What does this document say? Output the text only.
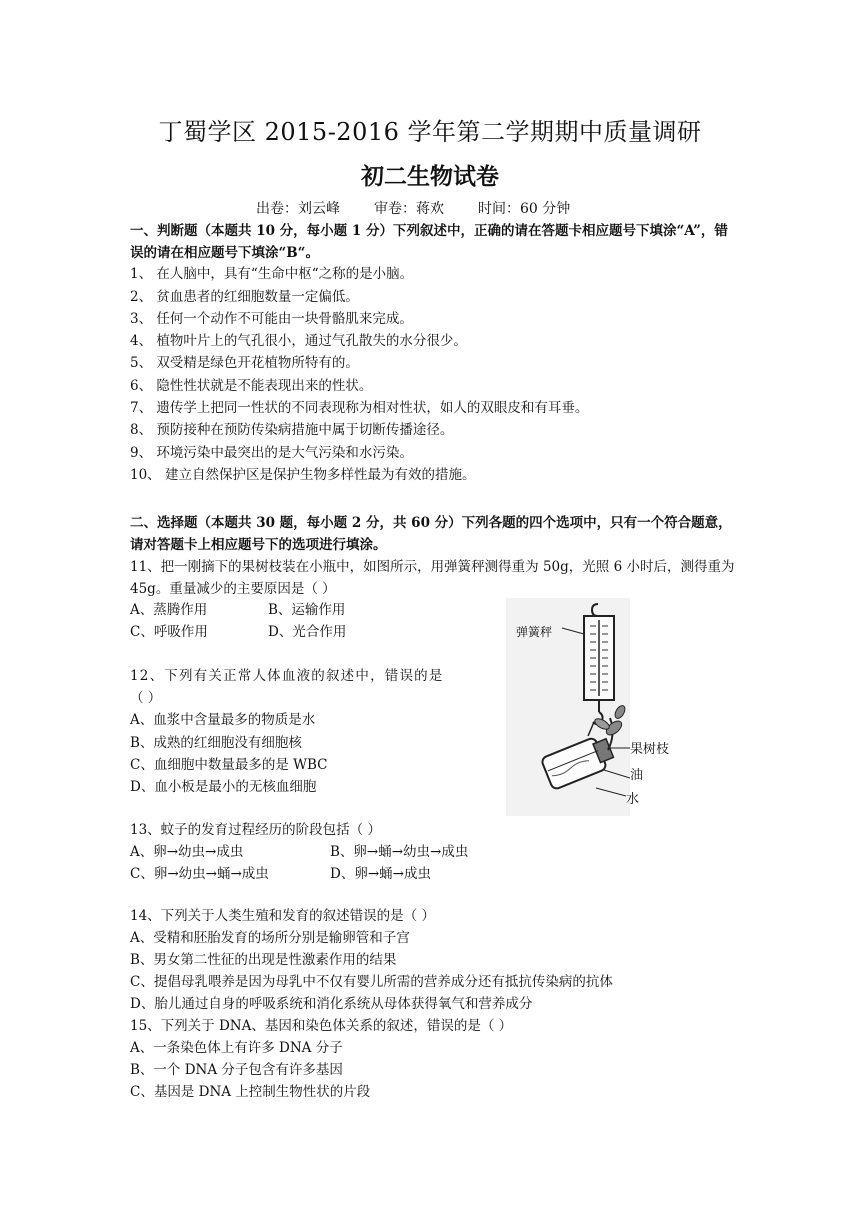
丁蜀学区 2015-2016 学年第二学期期中质量调研
初二生物试卷
出卷：刘云峰 审卷：蒋欢 时间：60 分钟
一、判断题（本题共 10 分，每小题 1 分）下列叙述中，正确的请在答题卡相应题号下填涂“A”，错误的请在相应题号下填涂“B“。
1、 在人脑中，具有“生命中枢“之称的是小脑。
2、 贫血患者的红细胞数量一定偏低。
3、 任何一个动作不可能由一块骨骼肌来完成。
4、 植物叶片上的气孔很小，通过气孔散失的水分很少。
5、 双受精是绿色开花植物所特有的。
6、 隐性性状就是不能表现出来的性状。
7、 遗传学上把同一性状的不同表现称为相对性状，如人的双眼皮和有耳垂。
8、 预防接种在预防传染病措施中属于切断传播途径。
9、 环境污染中最突出的是大气污染和水污染。
10、 建立自然保护区是保护生物多样性最为有效的措施。
二、选择题（本题共 30 题，每小题 2 分，共 60 分）下列各题的四个选项中，只有一个符合题意，请对答题卡上相应题号下的选项进行填涂。
11、把一刚摘下的果树枝装在小瓶中，如图所示，用弹簧秤测得重为 50g，光照 6 小时后，测得重为 45g。重量减少的主要原因是（ ）
A、蒸腾作用	B、运输作用
C、呼吸作用	D、光合作用	弹簧秤
果树枝
油
水
12、下列有关正常人体血液的叙述中，错误的是
（ ）
A、血浆中含量最多的物质是水
B、成熟的红细胞没有细胞核
C、血细胞中数量最多的是 WBC
D、血小板是最小的无核血细胞
13、蚊子的发育过程经历的阶段包括（ ）
A、卵→幼虫→成虫	B、卵→蛹→幼虫→成虫
C、卵→幼虫→蛹→成虫	D、卵→蛹→成虫
14、下列关于人类生殖和发育的叙述错误的是（ ）
A、受精和胚胎发育的场所分别是输卵管和子宫
B、男女第二性征的出现是性激素作用的结果
C、提倡母乳喂养是因为母乳中不仅有婴儿所需的营养成分还有抵抗传染病的抗体
D、胎儿通过自身的呼吸系统和消化系统从母体获得氧气和营养成分
15、下列关于 DNA、基因和染色体关系的叙述，错误的是（ ）
A、一条染色体上有许多 DNA 分子
B、一个 DNA 分子包含有许多基因
C、基因是 DNA 上控制生物性状的片段
